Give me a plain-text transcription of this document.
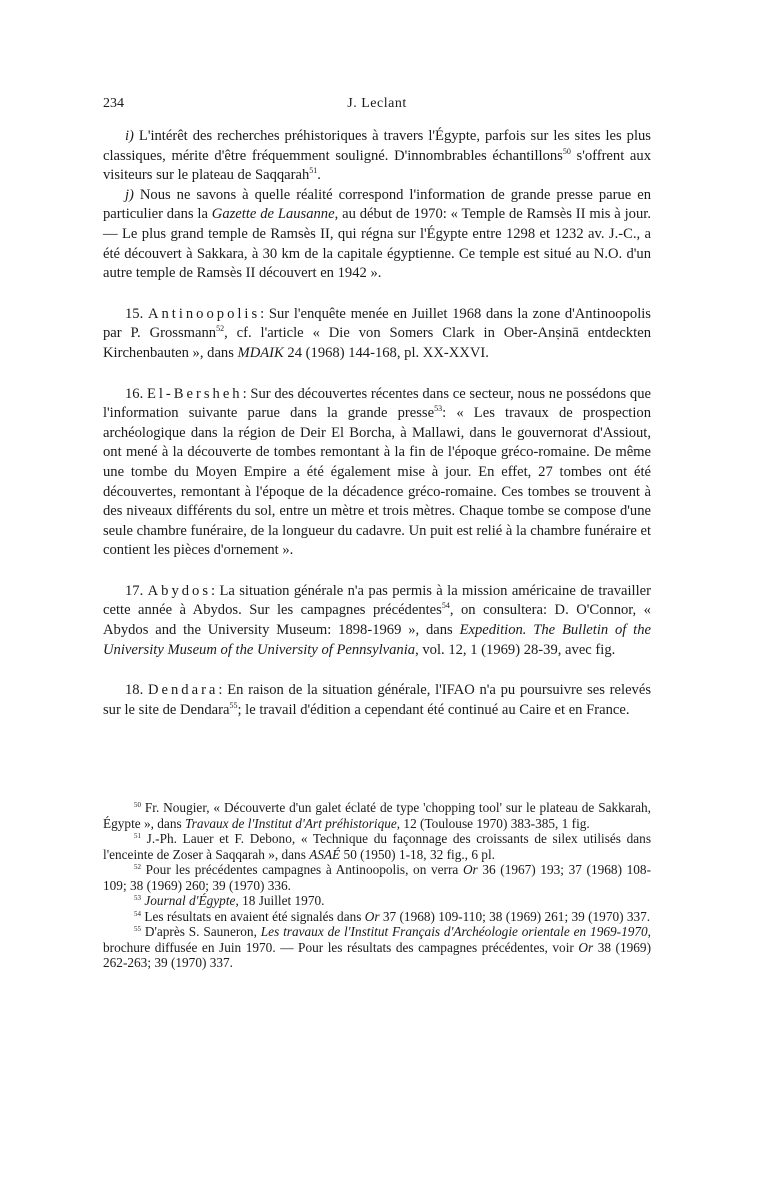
234	J. Leclant

i) L'intérêt des recherches préhistoriques à travers l'Égypte, parfois sur les sites les plus classiques, mérite d'être fréquemment souligné. D'innombrables échantillons$^{50}$ s'offrent aux visiteurs sur le plateau de Saqqarah$^{51}$.

j) Nous ne savons à quelle réalité correspond l'information de grande presse parue en particulier dans la Gazette de Lausanne, au début de 1970: « Temple de Ramsès II mis à jour. — Le plus grand temple de Ramsès II, qui régna sur l'Égypte entre 1298 et 1232 av. J.-C., a été découvert à Sakkara, à 30 km de la capitale égyptienne. Ce temple est situé au N.O. d'un autre temple de Ramsès II découvert en 1942 ».

15. Antinoopolis: Sur l'enquête menée en Juillet 1968 dans la zone d'Antinoopolis par P. Grossmann$^{52}$, cf. l'article « Die von Somers Clark in Ober-Anṣinā entdeckten Kirchenbauten », dans MDAIK 24 (1968) 144-168, pl. XX-XXVI.

16. El-Bersheh: Sur des découvertes récentes dans ce secteur, nous ne possédons que l'information suivante parue dans la grande presse$^{53}$: « Les travaux de prospection archéologique dans la région de Deir El Borcha, à Mallawi, dans le gouvernorat d'Assiout, ont mené à la découverte de tombes remontant à la fin de l'époque gréco-romaine. De même une tombe du Moyen Empire a été également mise à jour. En effet, 27 tombes ont été découvertes, remontant à l'époque de la décadence gréco-romaine. Ces tombes se trouvent à des niveaux différents du sol, entre un mètre et trois mètres. Chaque tombe se compose d'une seule chambre funéraire, de la longueur du cadavre. Un puit est relié à la chambre funéraire et contient les pièces d'ornement ».

17. Abydos: La situation générale n'a pas permis à la mission américaine de travailler cette année à Abydos. Sur les campagnes précédentes$^{54}$, on consultera: D. O'Connor, « Abydos and the University Museum: 1898-1969 », dans Expedition. The Bulletin of the University Museum of the University of Pennsylvania, vol. 12, 1 (1969) 28-39, avec fig.

18. Dendara: En raison de la situation générale, l'IFAO n'a pu poursuivre ses relevés sur le site de Dendara$^{55}$; le travail d'édition a cependant été continué au Caire et en France.

$^{50}$ Fr. Nougier, « Découverte d'un galet éclaté de type 'chopping tool' sur le plateau de Sakkarah, Égypte », dans Travaux de l'Institut d'Art préhistorique, 12 (Toulouse 1970) 383-385, 1 fig.

$^{51}$ J.-Ph. Lauer et F. Debono, « Technique du façonnage des croissants de silex utilisés dans l'enceinte de Zoser à Saqqarah », dans ASAÉ 50 (1950) 1-18, 32 fig., 6 pl.

$^{52}$ Pour les précédentes campagnes à Antinoopolis, on verra Or 36 (1967) 193; 37 (1968) 108-109; 38 (1969) 260; 39 (1970) 336.

$^{53}$ Journal d'Égypte, 18 Juillet 1970.

$^{54}$ Les résultats en avaient été signalés dans Or 37 (1968) 109-110; 38 (1969) 261; 39 (1970) 337.

$^{55}$ D'après S. Sauneron, Les travaux de l'Institut Français d'Archéologie orientale en 1969-1970, brochure diffusée en Juin 1970. — Pour les résultats des campagnes précédentes, voir Or 38 (1969) 262-263; 39 (1970) 337.
